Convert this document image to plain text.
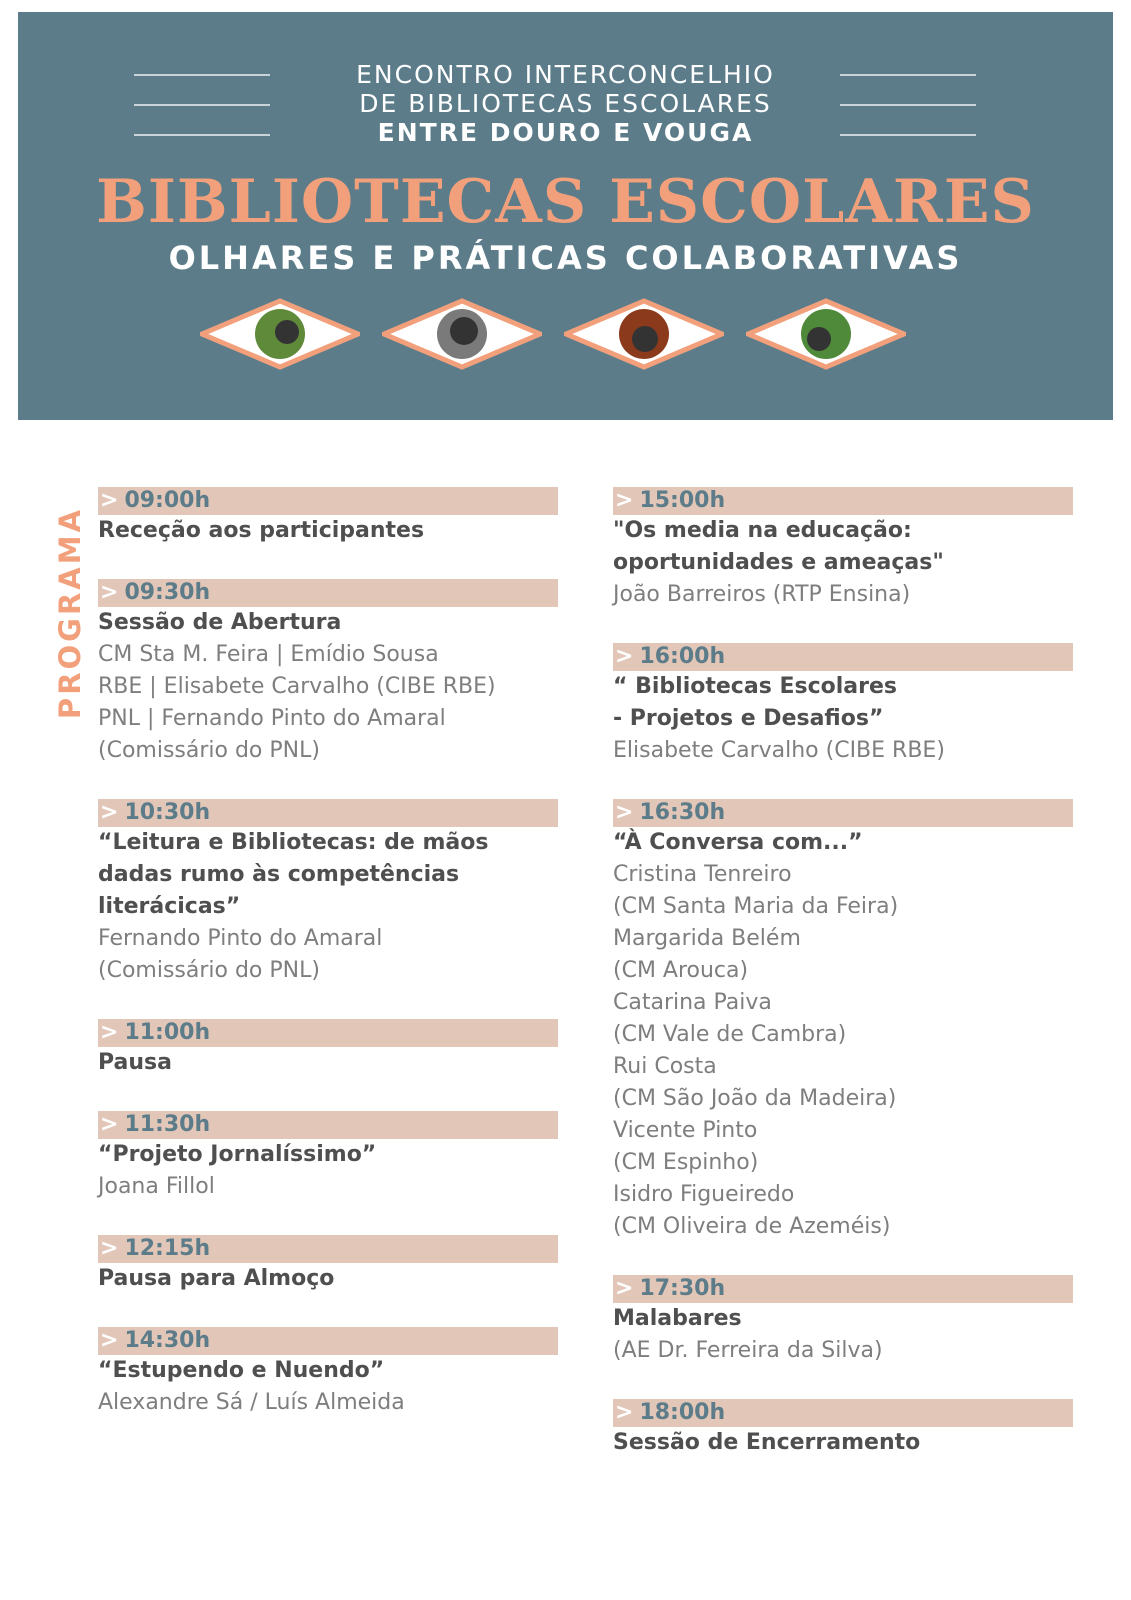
ENCONTRO INTERCONCELHIO
DE BIBLIOTECAS ESCOLARES
ENTRE DOURO E VOUGA
BIBLIOTECAS ESCOLARES
OLHARES E PRÁTICAS COLABORATIVAS
PROGRAMA
> 09:00h
Receção aos participantes
> 09:30h
Sessão de Abertura
CM Sta M. Feira | Emídio Sousa
RBE | Elisabete Carvalho (CIBE RBE)
PNL | Fernando Pinto do Amaral
(Comissário do PNL)
> 10:30h
“Leitura e Bibliotecas: de mãos
dadas rumo às competências
literácicas”
Fernando Pinto do Amaral
(Comissário do PNL)
> 11:00h
Pausa
> 11:30h
“Projeto Jornalíssimo”
Joana Fillol
> 12:15h
Pausa para Almoço
> 14:30h
“Estupendo e Nuendo”
Alexandre Sá / Luís Almeida
> 15:00h
"Os media na educação:
oportunidades e ameaças"
João Barreiros (RTP Ensina)
> 16:00h
“ Bibliotecas Escolares
- Projetos e Desafios”
Elisabete Carvalho (CIBE RBE)
> 16:30h
“À Conversa com...”
Cristina Tenreiro
(CM Santa Maria da Feira)
Margarida Belém
(CM Arouca)
Catarina Paiva
(CM Vale de Cambra)
Rui Costa
(CM São João da Madeira)
Vicente Pinto
(CM Espinho)
Isidro Figueiredo
(CM Oliveira de Azeméis)
> 17:30h
Malabares
(AE Dr. Ferreira da Silva)
> 18:00h
Sessão de Encerramento
